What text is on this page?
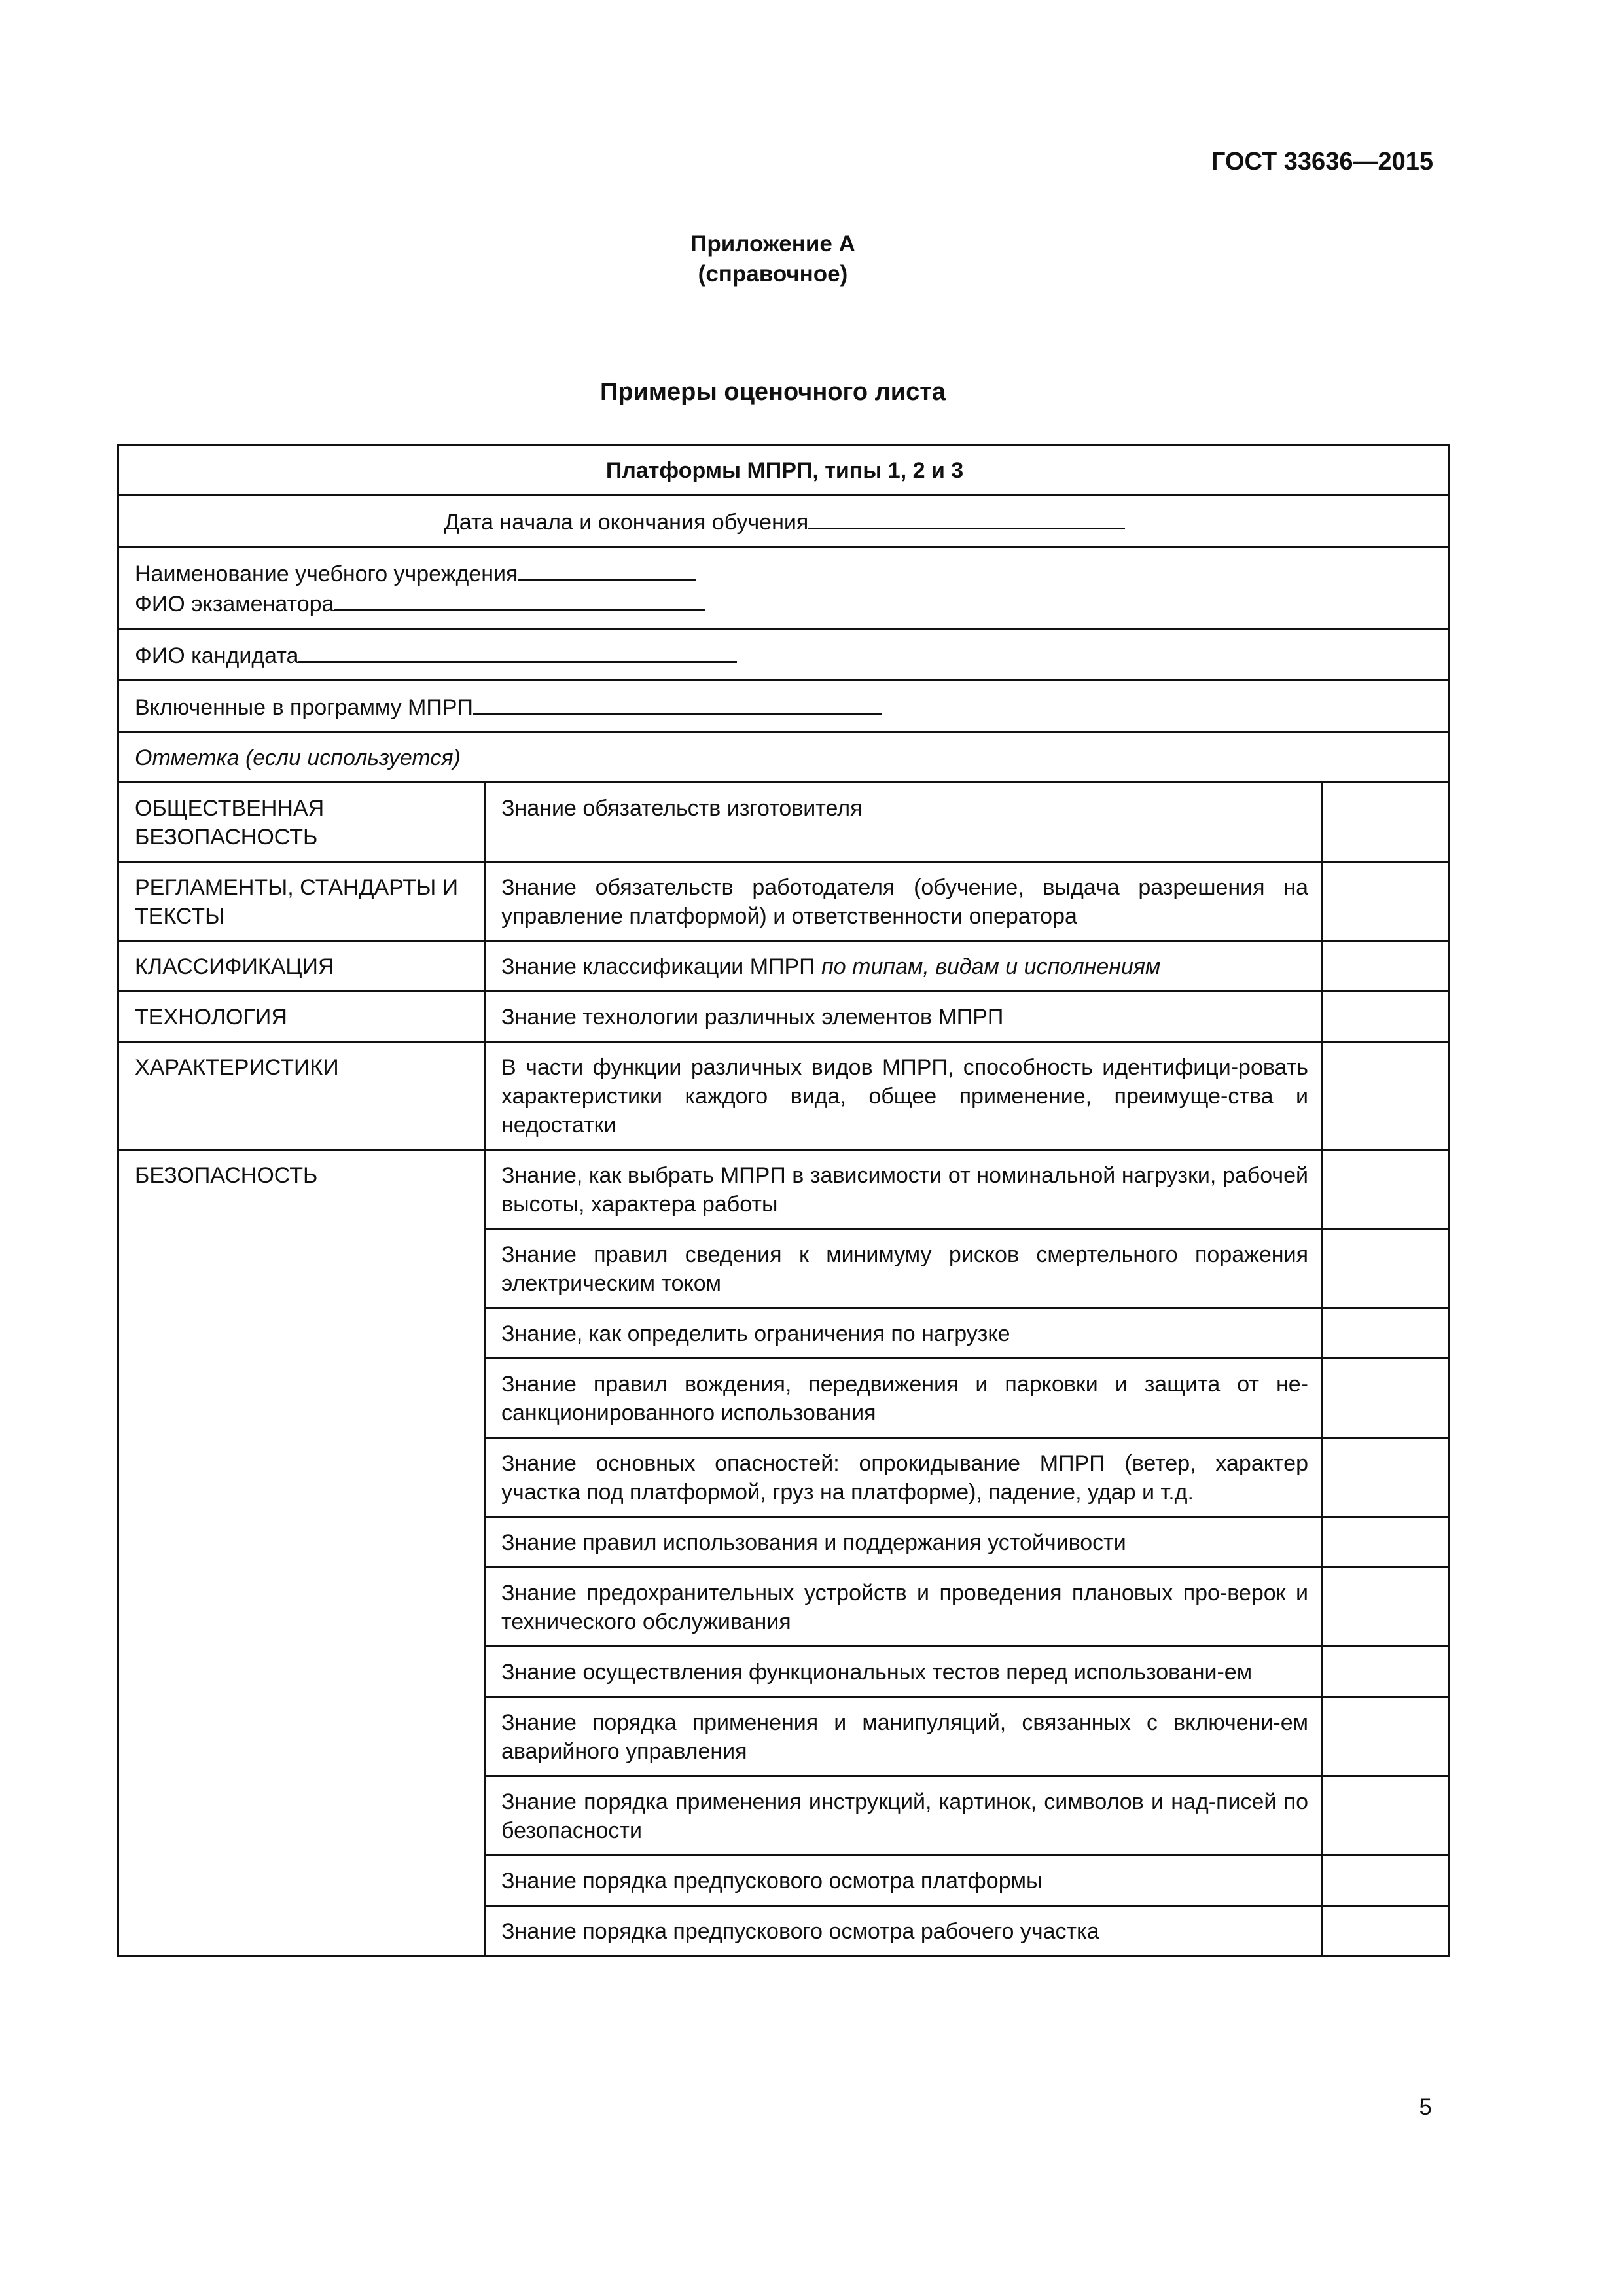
ГОСТ 33636—2015
Приложение А
(справочное)
Примеры оценочного листа
Платформы МПРП, типы 1, 2 и 3		
Дата начала и окончания обучения		

Наименование учебного учреждения
ФИО экзаменатора		

ФИО кандидата		
Включенные в программу МПРП		
Отметка (если используется)		
ОБЩЕСТВЕННАЯ БЕЗОПАСНОСТЬ	Знание обязательств изготовителя	
РЕГЛАМЕНТЫ, СТАНДАРТЫ И ТЕКСТЫ	Знание обязательств работодателя (обучение, выдача разрешения на управление платформой) и ответственности оператора	
КЛАССИФИКАЦИЯ	Знание классификации МПРП по типам, видам и исполнениям	
ТЕХНОЛОГИЯ	Знание технологии различных элементов МПРП	
ХАРАКТЕРИСТИКИ	В части функции различных видов МПРП, способность идентифици-ровать характеристики каждого вида, общее применение, преимуще-ства и недостатки	
БЕЗОПАСНОСТЬ	Знание, как выбрать МПРП в зависимости от номинальной нагрузки, рабочей высоты, характера работы	
	Знание правил сведения к минимуму рисков смертельного поражения электрическим током	
	Знание, как определить ограничения по нагрузке	
	Знание правил вождения, передвижения и парковки и защита от не-санкционированного использования	
	Знание основных опасностей: опрокидывание МПРП (ветер, характер участка под платформой, груз на платформе), падение, удар и т.д.	
	Знание правил использования и поддержания устойчивости	
	Знание предохранительных устройств и проведения плановых про-верок и технического обслуживания	
	Знание осуществления функциональных тестов перед использовани-ем	
	Знание порядка применения и манипуляций, связанных с включени-ем аварийного управления	
	Знание порядка применения инструкций, картинок, символов и над-писей по безопасности	
	Знание порядка предпускового осмотра платформы	
	Знание порядка предпускового осмотра рабочего участка	
5
